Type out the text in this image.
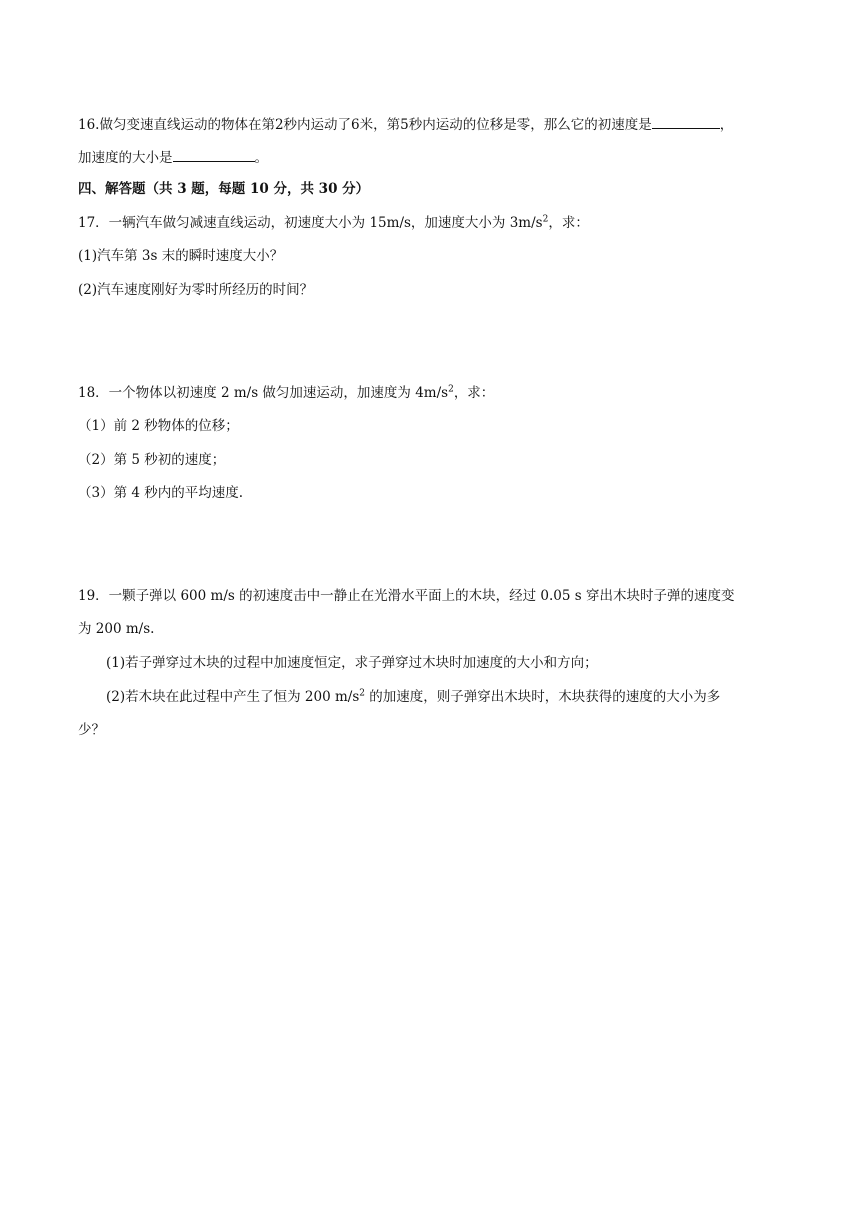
16.做匀变速直线运动的物体在第2秒内运动了6米，第5秒内运动的位移是零，那么它的初速度是	，
加速度的大小是	。
四、解答题（共 3 题，每题 10 分，共 30 分）
17．一辆汽车做匀减速直线运动，初速度大小为 15m/s，加速度大小为 $3m/s^2$，求：
(1)汽车第 3s 末的瞬时速度大小？
(2)汽车速度刚好为零时所经历的时间？
18．一个物体以初速度 2 m/s 做匀加速运动，加速度为 $4m/s^2$，求：
（1）前 2 秒物体的位移；
（2）第 5 秒初的速度；
（3）第 4 秒内的平均速度.
19．一颗子弹以 600 m/s 的初速度击中一静止在光滑水平面上的木块，经过 0.05 s 穿出木块时子弹的速度变
为 200 m/s.
(1)若子弹穿过木块的过程中加速度恒定，求子弹穿过木块时加速度的大小和方向；
(2)若木块在此过程中产生了恒为 200 $m/s^2$ 的加速度，则子弹穿出木块时，木块获得的速度的大小为多
少？
